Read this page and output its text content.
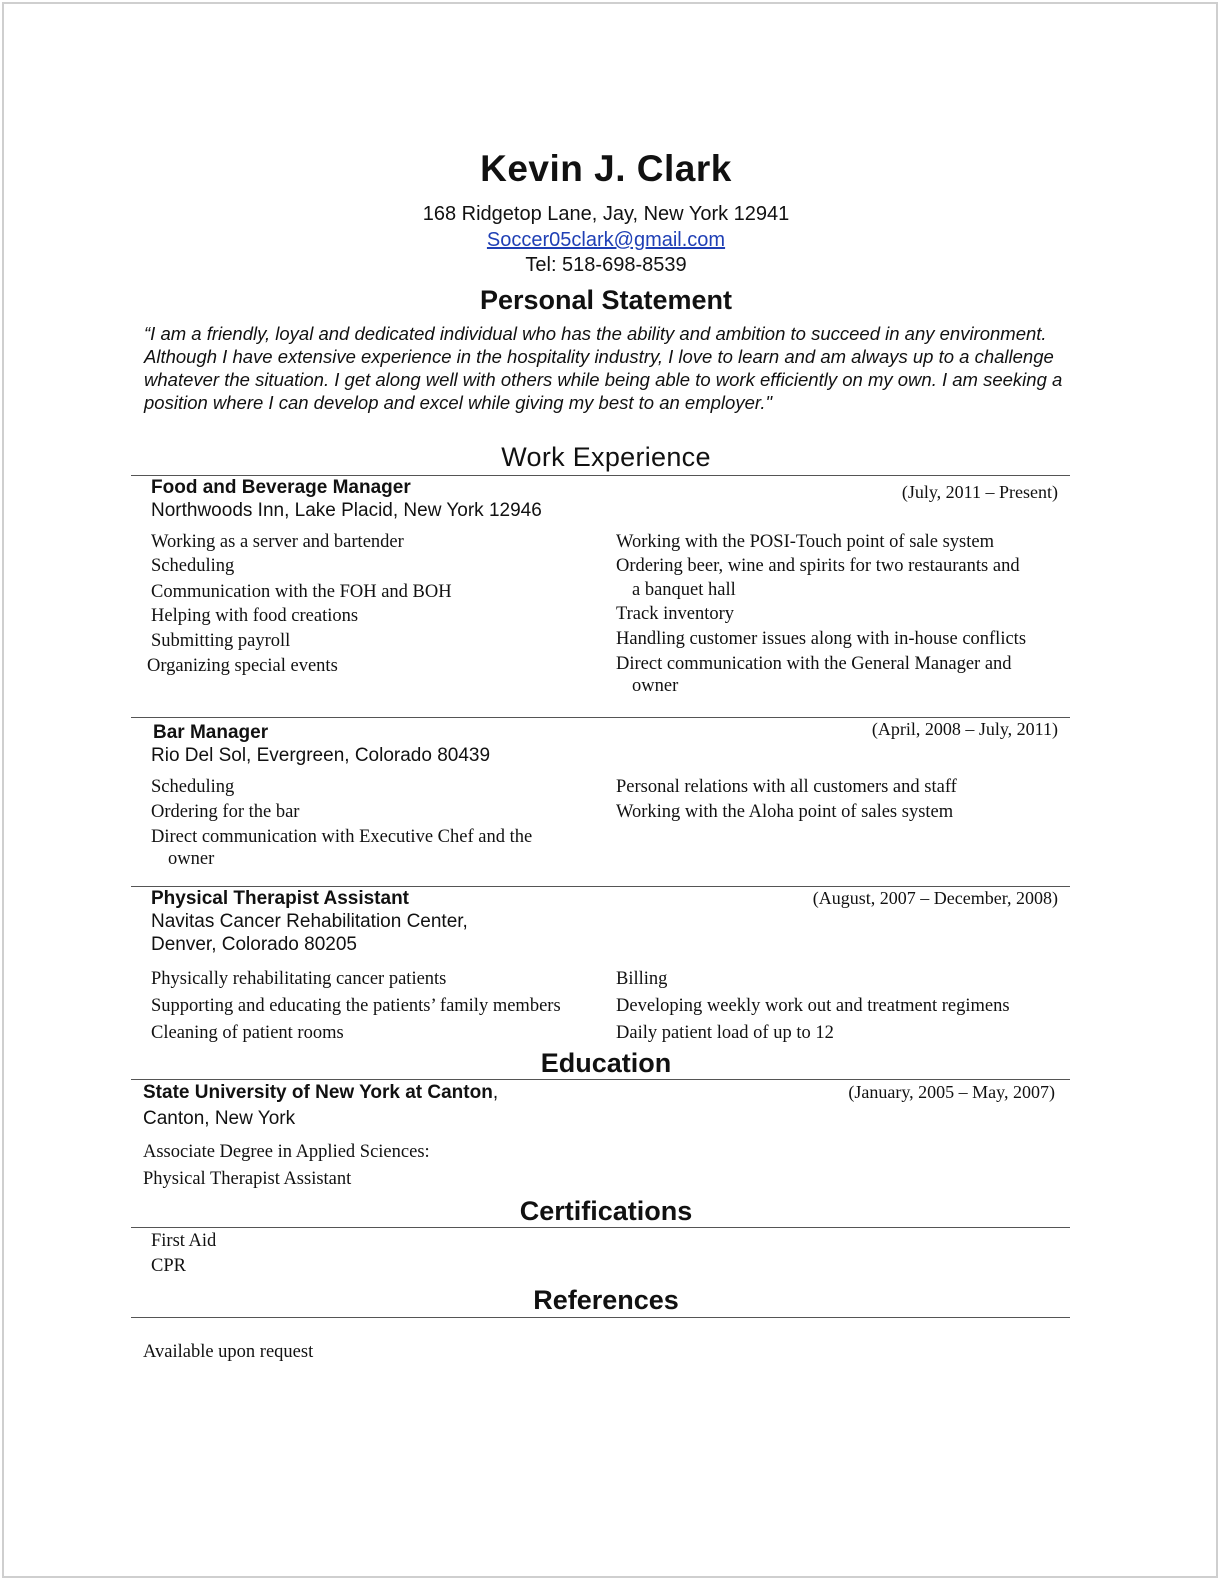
Kevin J. Clark
168 Ridgetop Lane, Jay, New York 12941
Soccer05clark@gmail.com
Tel: 518-698-8539
Personal Statement
“I am a friendly, loyal and dedicated individual who has the ability and ambition to succeed in any environment. Although I have extensive experience in the hospitality industry, I love to learn and am always up to a challenge whatever the situation. I get along well with others while being able to work efficiently on my own. I am seeking a position where I can develop and excel while giving my best to an employer."
Work Experience
Food and Beverage Manager
Northwoods Inn, Lake Placid, New York 12946
(July, 2011 – Present)
Working as a server and bartender
Scheduling
Communication with the FOH and BOH
Helping with food creations
Submitting payroll
Organizing special events
Working with the POSI-Touch point of sale system
Ordering beer, wine and spirits for two restaurants and
a banquet hall
Track inventory
Handling customer issues along with in-house conflicts
Direct communication with the General Manager and
owner
Bar Manager
Rio Del Sol, Evergreen, Colorado 80439
(April, 2008 – July, 2011)
Scheduling
Ordering for the bar
Direct communication with Executive Chef and the
owner
Personal relations with all customers and staff
Working with the Aloha point of sales system
Physical Therapist Assistant
Navitas Cancer Rehabilitation Center,
Denver, Colorado 80205
(August, 2007 – December, 2008)
Physically rehabilitating cancer patients
Supporting and educating the patients’ family members
Cleaning of patient rooms
Billing
Developing weekly work out and treatment regimens
Daily patient load of up to 12
Education
State University of New York at Canton,
Canton, New York
(January, 2005 – May, 2007)
Associate Degree in Applied Sciences:
Physical Therapist Assistant
Certifications
First Aid
CPR
References
Available upon request
